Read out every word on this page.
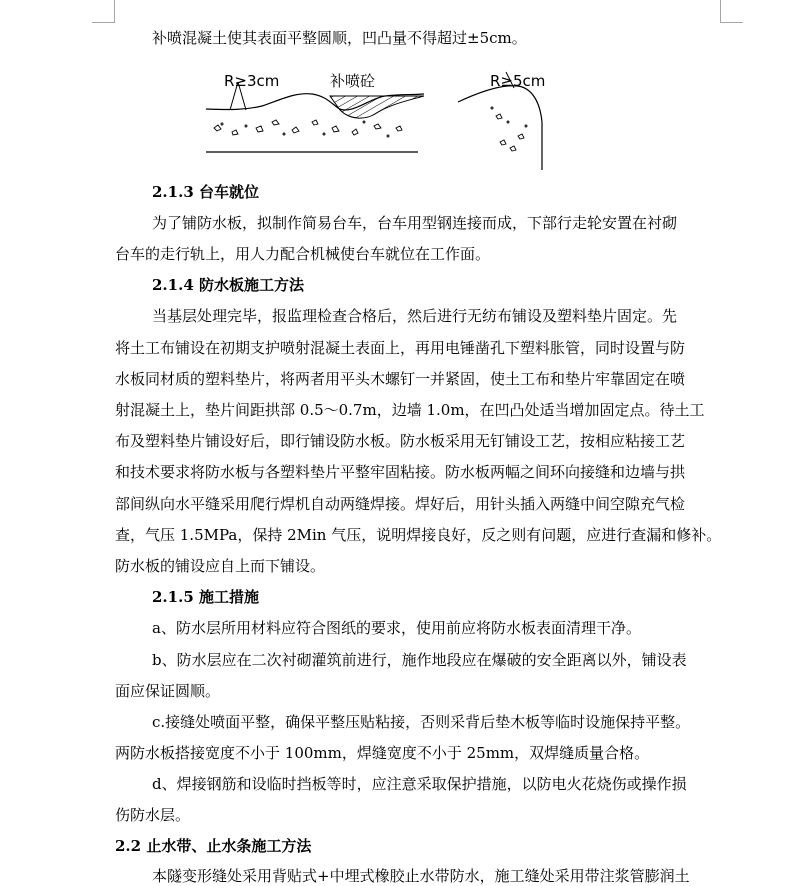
补喷混凝土使其表面平整圆顺，凹凸量不得超过±5cm。
R≥3cm	补喷砼	R≥5cm
2.1.3 台车就位
为了铺防水板，拟制作简易台车，台车用型钢连接而成，下部行走轮安置在衬砌
台车的走行轨上，用人力配合机械使台车就位在工作面。
2.1.4 防水板施工方法
当基层处理完毕，报监理检查合格后，然后进行无纺布铺设及塑料垫片固定。先
将土工布铺设在初期支护喷射混凝土表面上，再用电锤凿孔下塑料胀管，同时设置与防
水板同材质的塑料垫片，将两者用平头木螺钉一并紧固，使土工布和垫片牢靠固定在喷
射混凝土上，垫片间距拱部 0.5～0.7m，边墙 1.0m，在凹凸处适当增加固定点。待土工
布及塑料垫片铺设好后，即行铺设防水板。防水板采用无钉铺设工艺，按相应粘接工艺
和技术要求将防水板与各塑料垫片平整牢固粘接。防水板两幅之间环向接缝和边墙与拱
部间纵向水平缝采用爬行焊机自动两缝焊接。焊好后，用针头插入两缝中间空隙充气检
查，气压 1.5MPa，保持 2Min 气压，说明焊接良好，反之则有问题，应进行查漏和修补。
防水板的铺设应自上而下铺设。
2.1.5 施工措施
a、防水层所用材料应符合图纸的要求，使用前应将防水板表面清理干净。
b、防水层应在二次衬砌灌筑前进行，施作地段应在爆破的安全距离以外，铺设表
面应保证圆顺。
c.接缝处喷面平整，确保平整压贴粘接，否则采背后垫木板等临时设施保持平整。
两防水板搭接宽度不小于 100mm，焊缝宽度不小于 25mm，双焊缝质量合格。
d、焊接钢筋和设临时挡板等时，应注意采取保护措施，以防电火花烧伤或操作损
伤防水层。
2.2 止水带、止水条施工方法
本隧变形缝处采用背贴式+中埋式橡胶止水带防水，施工缝处采用带注浆管膨润土
